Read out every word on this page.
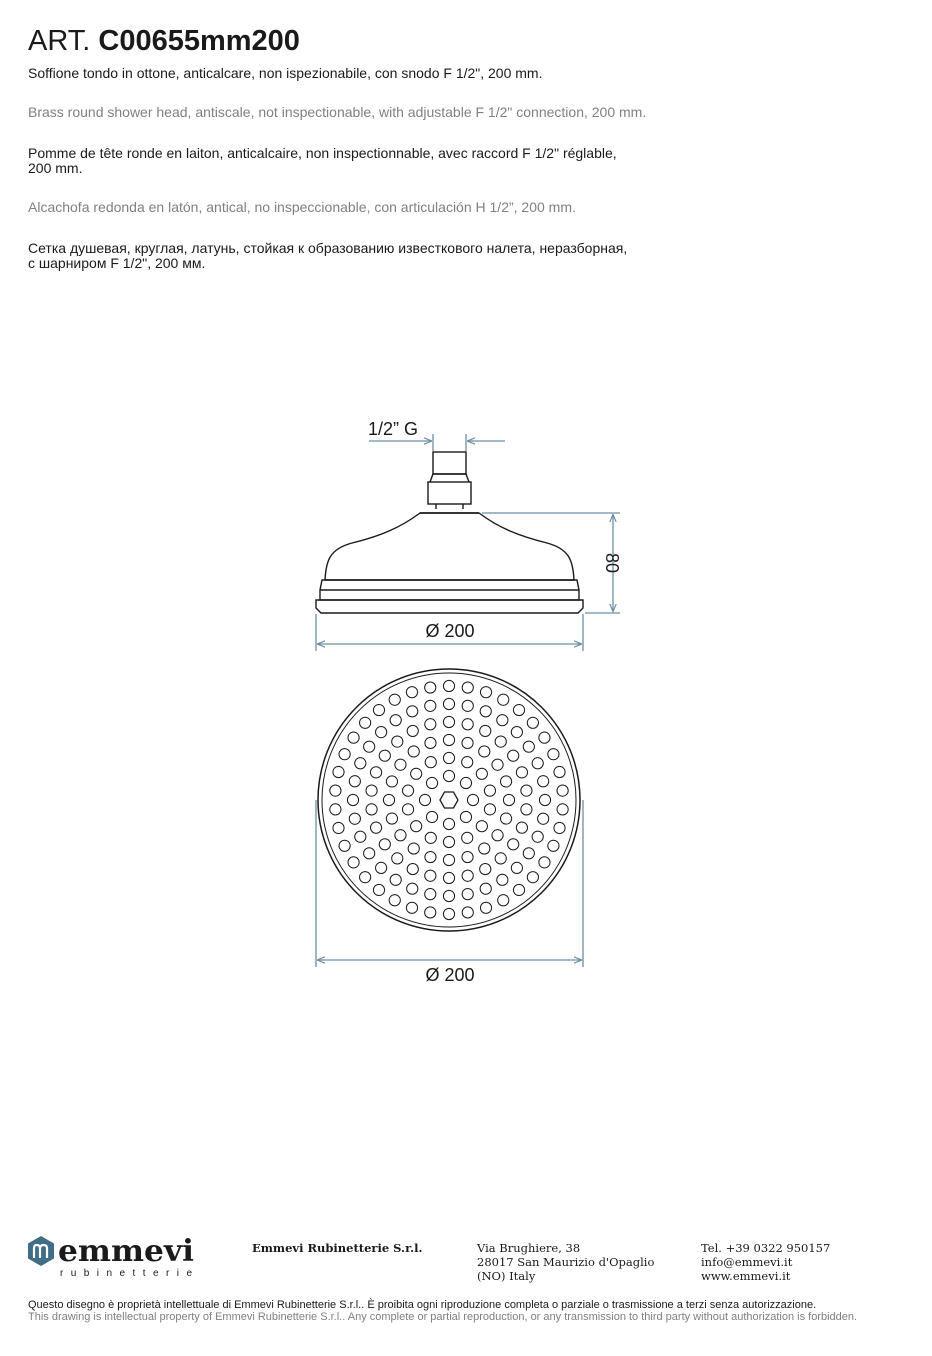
ART. C00655mm200

Soffione tondo in ottone, anticalcare, non ispezionabile, con snodo F 1/2", 200 mm.

Brass round shower head, antiscale, not inspectionable, with adjustable F 1/2" connection, 200 mm.

Pomme de tête ronde en laiton, anticalcaire, non inspectionnable, avec raccord F 1/2" réglable,
200 mm.

Alcachofa redonda en latón, antical, no inspeccionable, con articulación H 1/2”, 200 mm.

Сетка душевая, круглая, латунь, стойкая к образованию известкового налета, неразборная,
с шарниром F 1/2", 200 мм.

1/2” G
80
Ø 200
Ø 200
emmevi
rubinetterie
Emmevi Rubinetterie S.r.l.	Via Brughiere, 38
28017 San Maurizio d'Opaglio
(NO) Italy
Tel. +39 0322 950157
info@emmevi.it
www.emmevi.it
Questo disegno è proprietà intellettuale di Emmevi Rubinetterie S.r.l.. È proibita ogni riproduzione completa o parziale o trasmissione a terzi senza autorizzazione.
This drawing is intellectual property of Emmevi Rubinetterie S.r.l.. Any complete or partial reproduction, or any transmission to third party without authorization is forbidden.
